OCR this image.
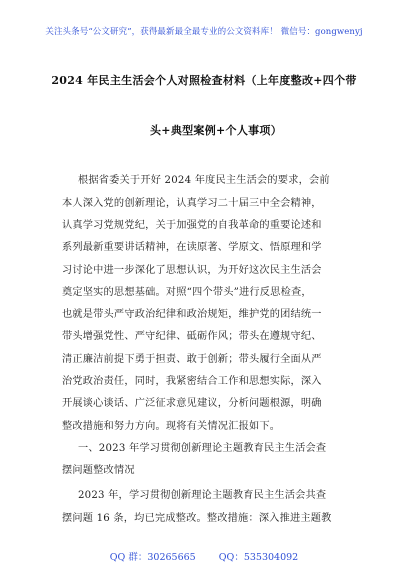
关注头条号“公文研究”，获得最新最全最专业的公文资料库！ 微信号：gongwenyj
2024 年民主生活会个人对照检查材料（上年度整改+四个带
头+典型案例+个人事项）
根据省委关于开好 2024 年度民主生活会的要求，会前
本人深入党的创新理论，认真学习二十届三中全会精神，
认真学习党规党纪，关于加强党的自我革命的重要论述和
系列最新重要讲话精神，在读原著、学原文、悟原理和学
习讨论中进一步深化了思想认识，为开好这次民主生活会
奠定坚实的思想基础。对照“四个带头”进行反思检查，
也就是带头严守政治纪律和政治规矩，维护党的团结统一
带头增强党性、严守纪律、砥砺作风；带头在遵规守纪、
清正廉洁前提下勇于担责、敢于创新；带头履行全面从严
治党政治责任，同时，我紧密结合工作和思想实际，深入
开展谈心谈话、广泛征求意见建议，分析问题根源，明确
整改措施和努力方向。现将有关情况汇报如下。
一、2023 年学习贯彻创新理论主题教育民主生活会查
摆问题整改情况
2023 年，学习贯彻创新理论主题教育民主生活会共查
摆问题 16 条，均已完成整改。整改措施：深入推进主题教
QQ 群：30265665 QQ：535304092
